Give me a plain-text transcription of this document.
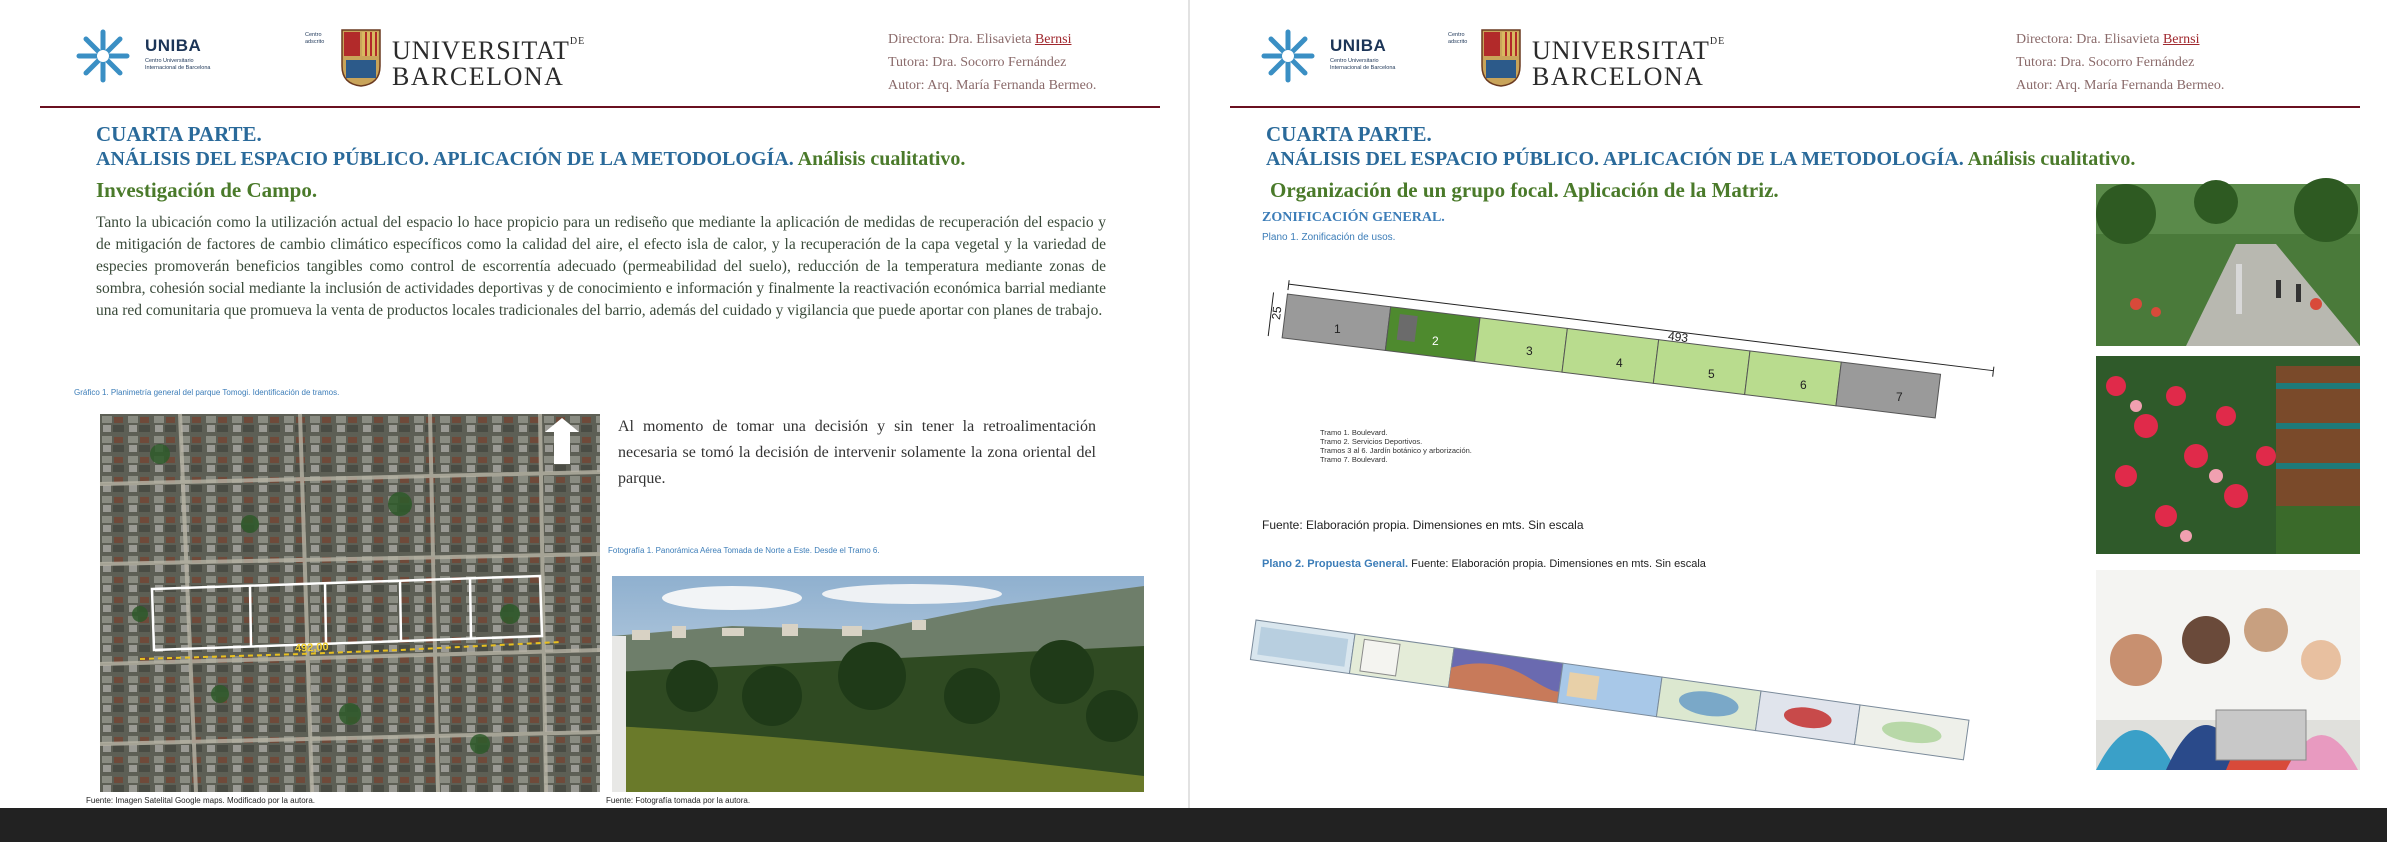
UNIBA
Centro Universitario Internacional de Barcelona
Centro adscrito	$UNIVERSITAT^{DE}$
BARCELONA
Directora: Dra. Elisavieta Bernsi
Tutora: Dra. Socorro Fernández
Autor: Arq. María Fernanda Bermeo.
CUARTA PARTE.
ANÁLISIS DEL ESPACIO PÚBLICO. APLICACIÓN DE LA METODOLOGÍA. Análisis cualitativo.
Investigación de Campo.
Tanto la ubicación como la utilización actual del espacio lo hace propicio para un rediseño que mediante la aplicación de medidas de recuperación del espacio y de mitigación de factores de cambio climático específicos como la calidad del aire, el efecto isla de calor, y la recuperación de la capa vegetal y la variedad de especies promoverán beneficios tangibles como control de escorrentía adecuado (permeabilidad del suelo), reducción de la temperatura mediante zonas de sombra, cohesión social mediante la inclusión de actividades deportivas y de conocimiento e información y finalmente la reactivación económica barrial mediante una red comunitaria que promueva la venta de productos locales tradicionales del barrio, además del cuidado y vigilancia que puede aportar con planes de trabajo.
Gráfico 1. Planimetría general del parque Tomogi. Identificación de tramos.
492,00
Fuente: Imagen Satelital Google maps. Modificado por la autora.
Al momento de tomar una decisión y sin tener la retroalimentación necesaria se tomó la decisión de intervenir solamente la zona oriental del parque.
Fotografía 1. Panorámica Aérea Tomada de Norte a Este. Desde el Tramo 6.
Fuente: Fotografía tomada por la autora.
UNIBA
Centro Universitario Internacional de Barcelona
Centro adscrito	$UNIVERSITAT^{DE}$
BARCELONA
Directora: Dra. Elisavieta Bernsi
Tutora: Dra. Socorro Fernández
Autor: Arq. María Fernanda Bermeo.
CUARTA PARTE.
ANÁLISIS DEL ESPACIO PÚBLICO. APLICACIÓN DE LA METODOLOGÍA. Análisis cualitativo.
Organización de un grupo focal. Aplicación de la Matriz.
ZONIFICACIÓN GENERAL.
Plano 1. Zonificación de usos.
25
493
1
2
3
4
5
6
7
Tramo 1. Boulevard.
Tramo 2. Servicios Deportivos.
Tramos 3 al 6. Jardín botánico y arborización.
Tramo 7. Boulevard.
Fuente: Elaboración propia. Dimensiones en mts. Sin escala
Plano 2. Propuesta General. Fuente: Elaboración propia. Dimensiones en mts. Sin escala
